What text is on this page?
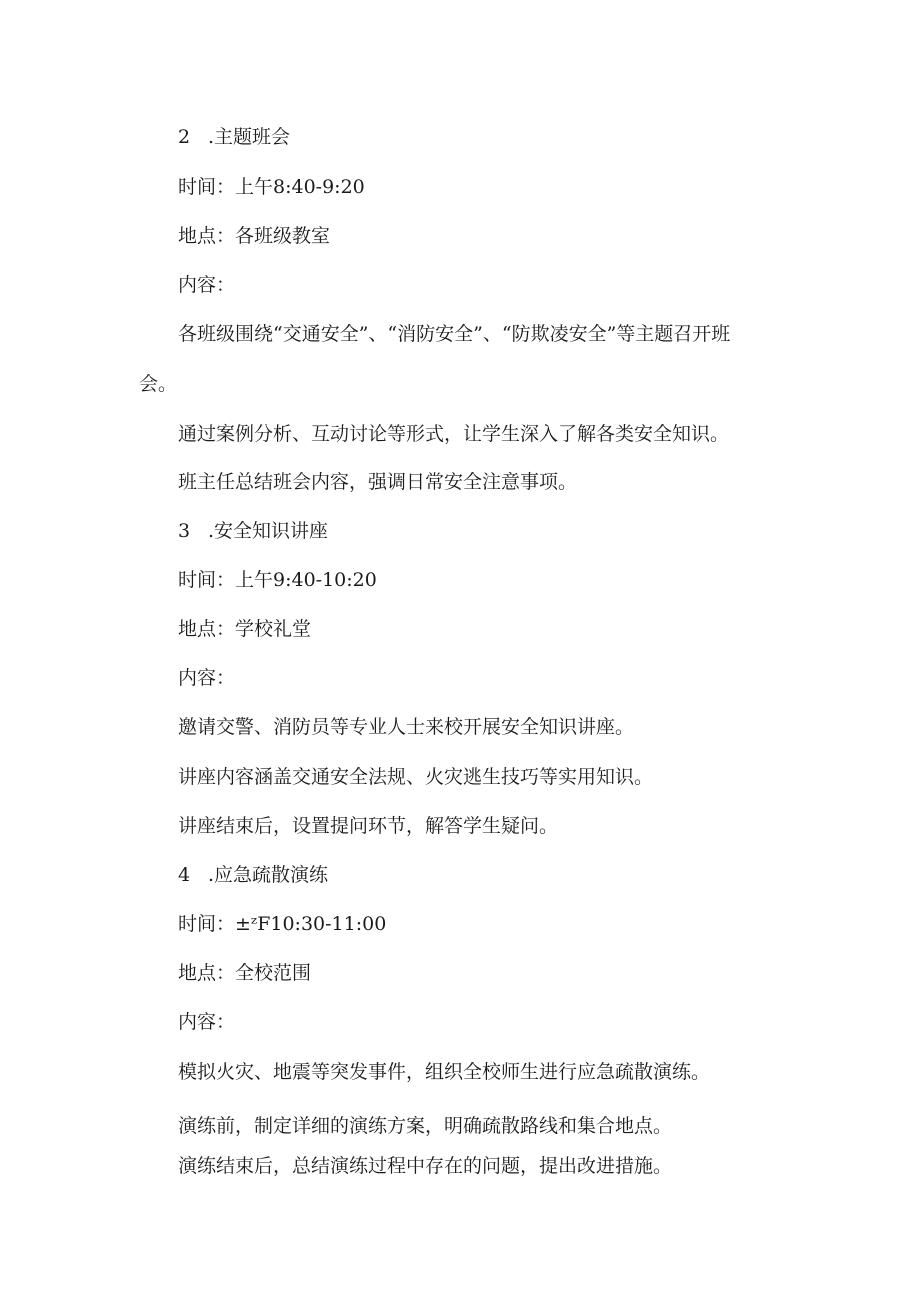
2 .主题班会

时间：上午8:40-9:20

地点：各班级教室

内容：

各班级围绕“交通安全”、“消防安全”、“防欺凌安全”等主题召开班

会。

通过案例分析、互动讨论等形式，让学生深入了解各类安全知识。

班主任总结班会内容，强调日常安全注意事项。

3 .安全知识讲座

时间：上午9:40-10:20

地点：学校礼堂

内容：

邀请交警、消防员等专业人士来校开展安全知识讲座。

讲座内容涵盖交通安全法规、火灾逃生技巧等实用知识。

讲座结束后，设置提问环节，解答学生疑问。

4 .应急疏散演练

时间：±ᶻF10:30-11:00

地点：全校范围

内容：

模拟火灾、地震等突发事件，组织全校师生进行应急疏散演练。

演练前，制定详细的演练方案，明确疏散路线和集合地点。

演练结束后，总结演练过程中存在的问题，提出改进措施。
